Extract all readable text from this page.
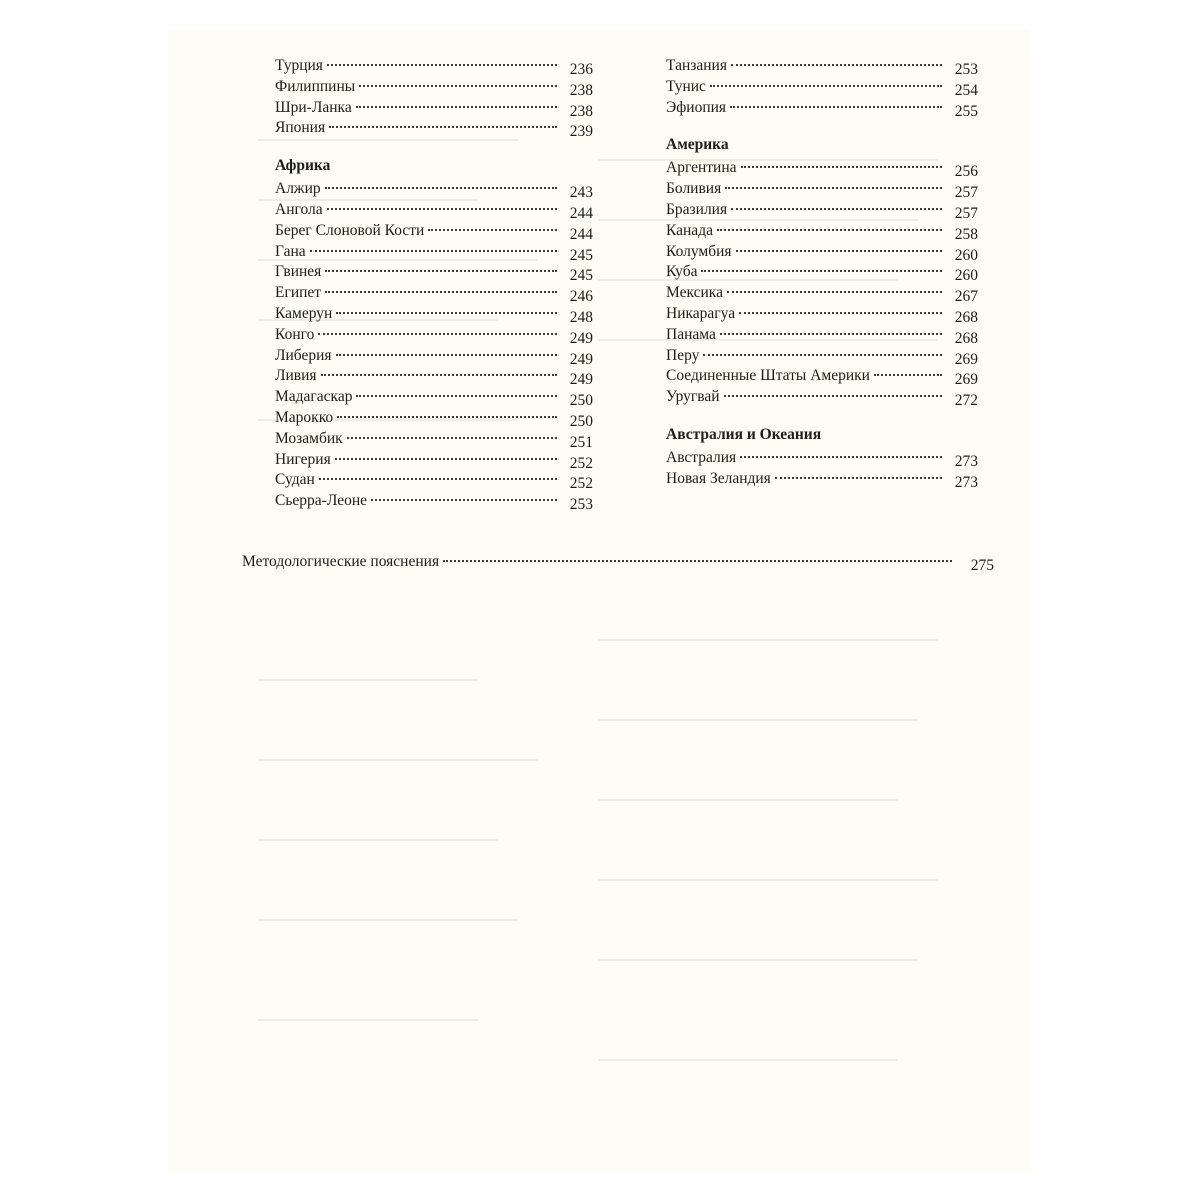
Турция	236
Филиппины	238
Шри-Ланка	238
Япония	239
Африка
Алжир	243
Ангола	244
Берег Слоновой Кости	244
Гана	245
Гвинея	245
Египет	246
Камерун	248
Конго	249
Либерия	249
Ливия	249
Мадагаскар	250
Марокко	250
Мозамбик	251
Нигерия	252
Судан	252
Сьерра-Леоне	253
Танзания	253
Тунис	254
Эфиопия	255
Америка
Аргентина	256
Боливия	257
Бразилия	257
Канада	258
Колумбия	260
Куба	260
Мексика	267
Никарагуа	268
Панама	268
Перу	269
Соединенные Штаты Америки	269
Уругвай	272
Австралия и Океания
Австралия	273
Новая Зеландия	273
Методологические пояснения	275
